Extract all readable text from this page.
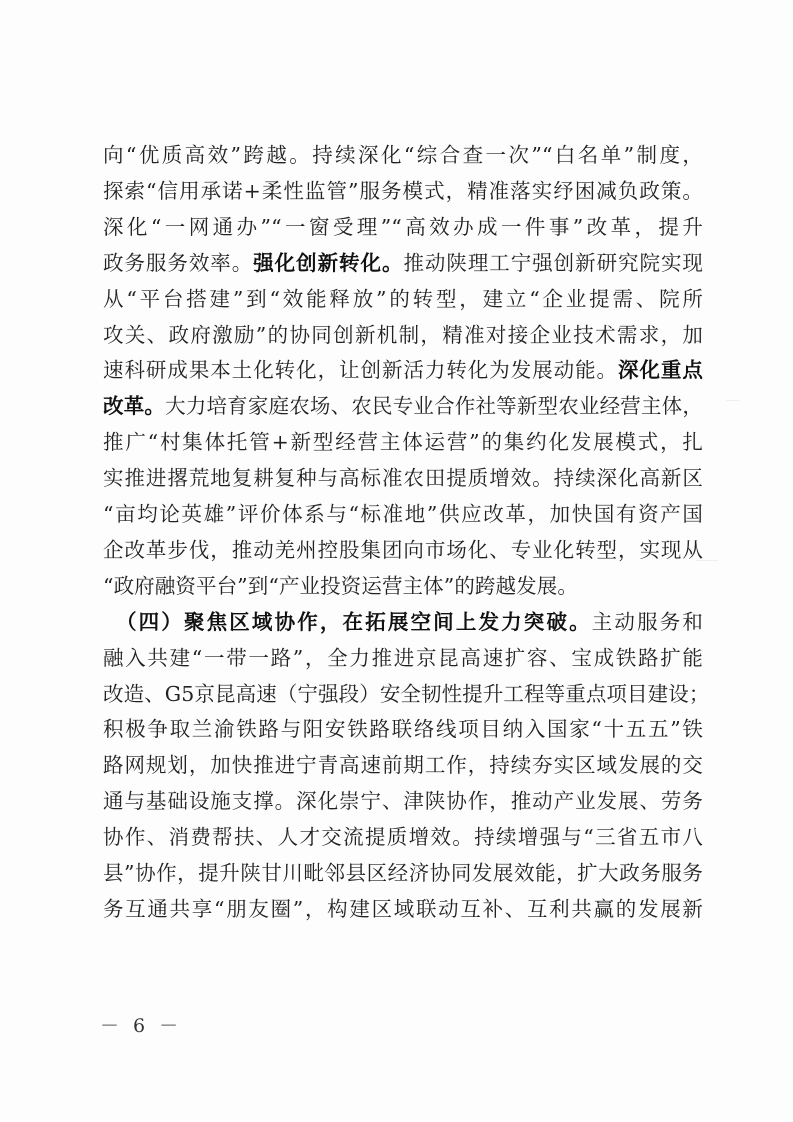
向“优质高效”跨越。持续深化“综合查一次”“白名单”制度，
探索“信用承诺+柔性监管”服务模式，精准落实纾困减负政策。
深化“一网通办”“一窗受理”“高效办成一件事”改革，提升
政务服务效率。强化创新转化。推动陕理工宁强创新研究院实现
从“平台搭建”到“效能释放”的转型，建立“企业提需、院所
攻关、政府激励”的协同创新机制，精准对接企业技术需求，加
速科研成果本土化转化，让创新活力转化为发展动能。深化重点
改革。大力培育家庭农场、农民专业合作社等新型农业经营主体，
推广“村集体托管+新型经营主体运营”的集约化发展模式，扎
实推进撂荒地复耕复种与高标准农田提质增效。持续深化高新区
“亩均论英雄”评价体系与“标准地”供应改革，加快国有资产国
企改革步伐，推动羌州控股集团向市场化、专业化转型，实现从
“政府融资平台”到“产业投资运营主体”的跨越发展。
（四）聚焦区域协作，在拓展空间上发力突破。主动服务和
融入共建“一带一路”，全力推进京昆高速扩容、宝成铁路扩能
改造、G5京昆高速（宁强段）安全韧性提升工程等重点项目建设；
积极争取兰渝铁路与阳安铁路联络线项目纳入国家“十五五”铁
路网规划，加快推进宁青高速前期工作，持续夯实区域发展的交
通与基础设施支撑。深化崇宁、津陕协作，推动产业发展、劳务
协作、消费帮扶、人才交流提质增效。持续增强与“三省五市八
县”协作，提升陕甘川毗邻县区经济协同发展效能，扩大政务服务
务互通共享“朋友圈”，构建区域联动互补、互利共赢的发展新
－ 6 －
